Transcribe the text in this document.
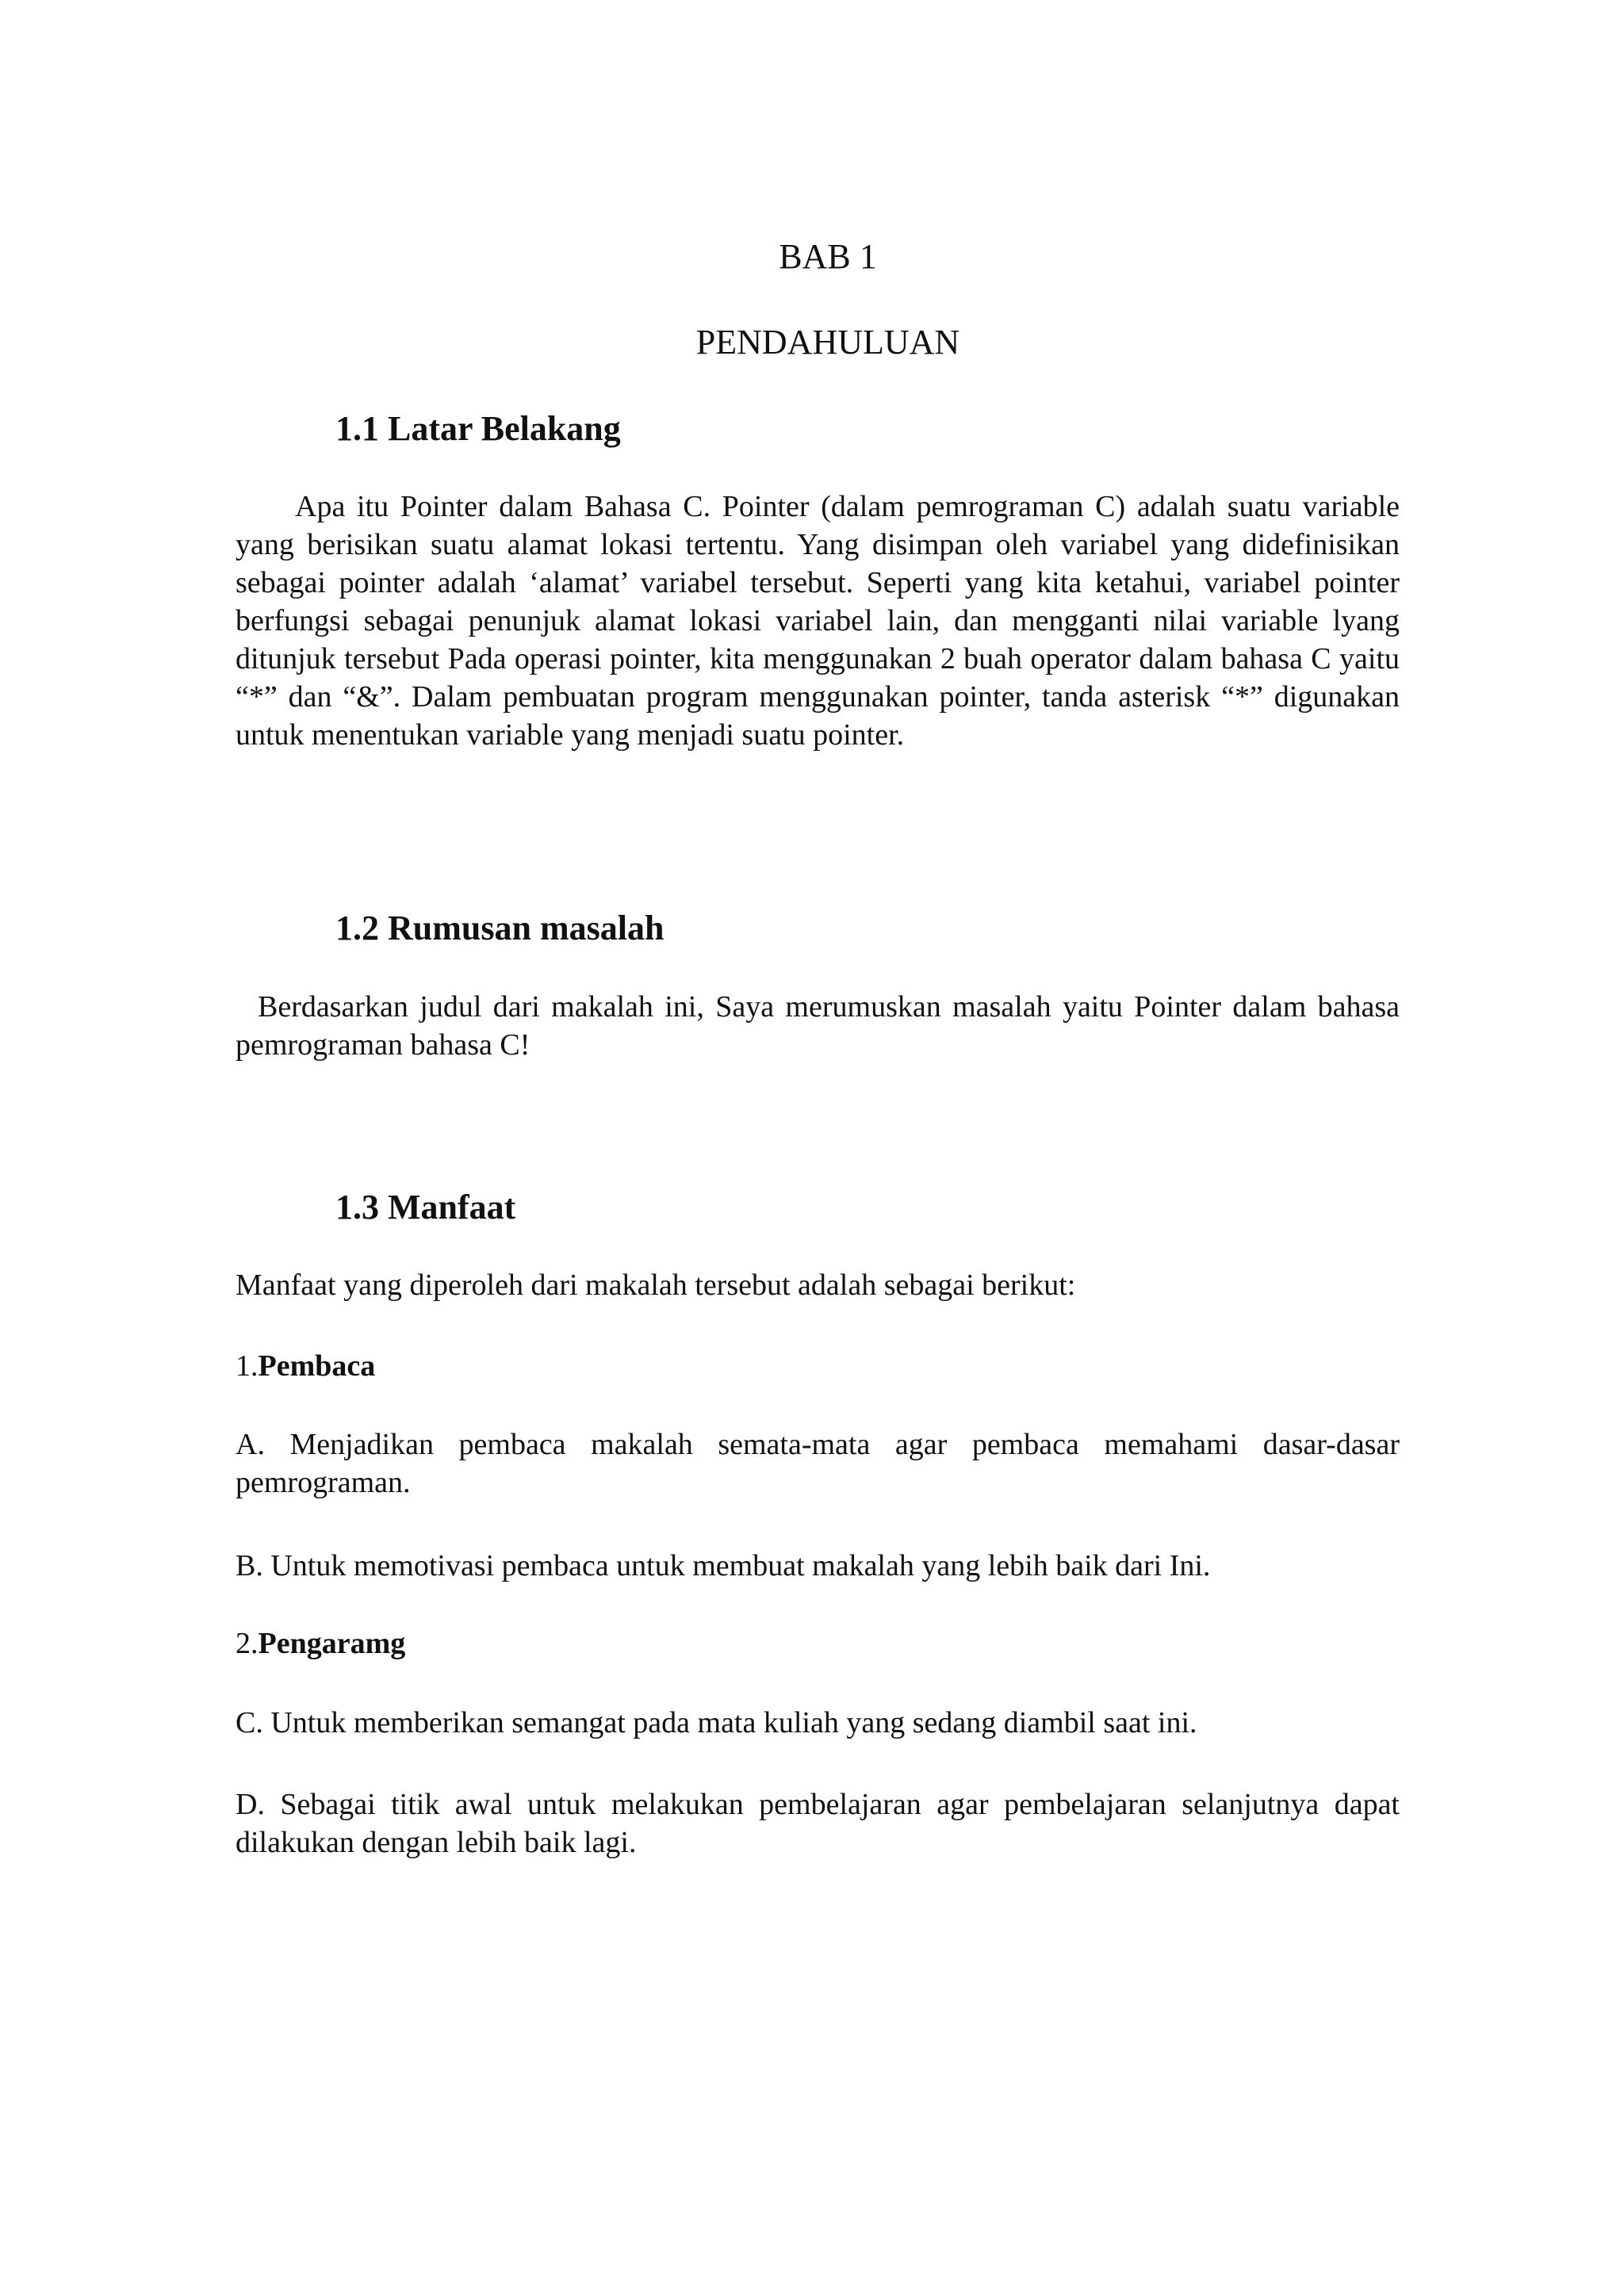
BAB 1
PENDAHULUAN
1.1 Latar Belakang

Apa itu Pointer dalam Bahasa C. Pointer (dalam pemrograman C) adalah suatu variable yang berisikan suatu alamat lokasi tertentu. Yang disimpan oleh variabel yang didefinisikan sebagai pointer adalah ‘alamat’ variabel tersebut. Seperti yang kita ketahui, variabel pointer berfungsi sebagai penunjuk alamat lokasi variabel lain, dan mengganti nilai variable lyang ditunjuk tersebut Pada operasi pointer, kita menggunakan 2 buah operator dalam bahasa C yaitu “*” dan “&”. Dalam pembuatan program menggunakan pointer, tanda asterisk “*” digunakan untuk menentukan variable yang menjadi suatu pointer.

1.2 Rumusan masalah

Berdasarkan judul dari makalah ini, Saya merumuskan masalah yaitu Pointer dalam bahasa pemrograman bahasa C!

1.3 Manfaat

Manfaat yang diperoleh dari makalah tersebut adalah sebagai berikut:

1.Pembaca

A. Menjadikan pembaca makalah semata-mata agar pembaca memahami dasar-dasar pemrograman.

B. Untuk memotivasi pembaca untuk membuat makalah yang lebih baik dari Ini.

2.Pengaramg

C. Untuk memberikan semangat pada mata kuliah yang sedang diambil saat ini.

D. Sebagai titik awal untuk melakukan pembelajaran agar pembelajaran selanjutnya dapat dilakukan dengan lebih baik lagi.
